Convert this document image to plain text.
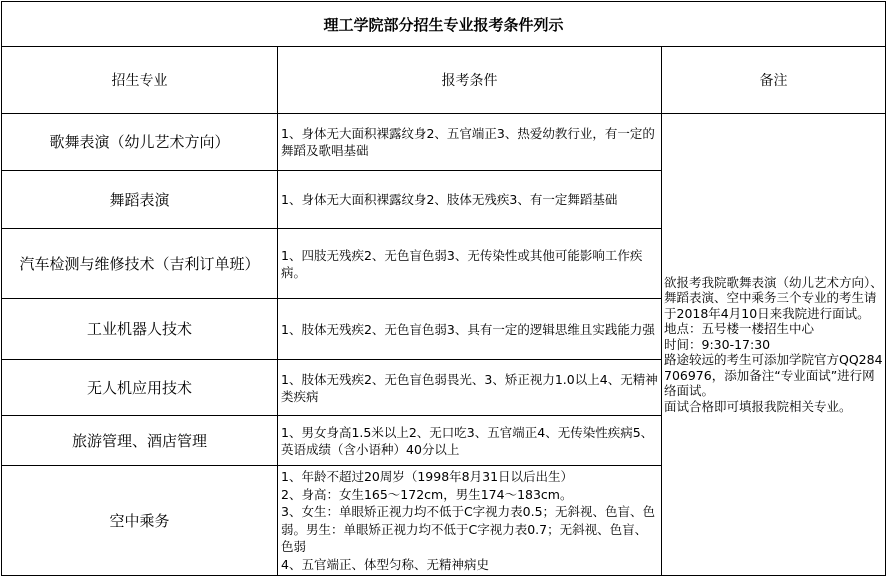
理工学院部分招生专业报考条件列示		
招生专业	报考条件	备注
歌舞表演（幼儿艺术方向）	1、身体无大面积裸露纹身2、五官端正3、热爱幼教行业，有一定的舞蹈及歌唱基础	欲报考我院歌舞表演（幼儿艺术方向）、舞蹈表演、空中乘务三个专业的考生请于2018年4月10日来我院进行面试。
地点：五号楼一楼招生中心
时间：9:30-17:30
路途较远的考生可添加学院官方QQ284706976，添加备注“专业面试”进行网络面试。
面试合格即可填报我院相关专业。
舞蹈表演	1、身体无大面积裸露纹身2、肢体无残疾3、有一定舞蹈基础	
汽车检测与维修技术（吉利订单班）	1、四肢无残疾2、无色盲色弱3、无传染性或其他可能影响工作疾病。	
工业机器人技术	1、肢体无残疾2、无色盲色弱3、具有一定的逻辑思维且实践能力强	
无人机应用技术	1、肢体无残疾2、无色盲色弱畏光、3、矫正视力1.0以上4、无精神类疾病	
旅游管理、酒店管理	1、男女身高1.5米以上2、无口吃3、五官端正4、无传染性疾病5、英语成绩（含小语种）40分以上	
空中乘务	1、年龄不超过20周岁（1998年8月31日以后出生）
2、身高：女生165～172cm，男生174～183cm。
3、女生：单眼矫正视力均不低于C字视力表0.5；无斜视、色盲、色弱。男生：单眼矫正视力均不低于C字视力表0.7；无斜视、色盲、色弱
4、五官端正、体型匀称、无精神病史	
